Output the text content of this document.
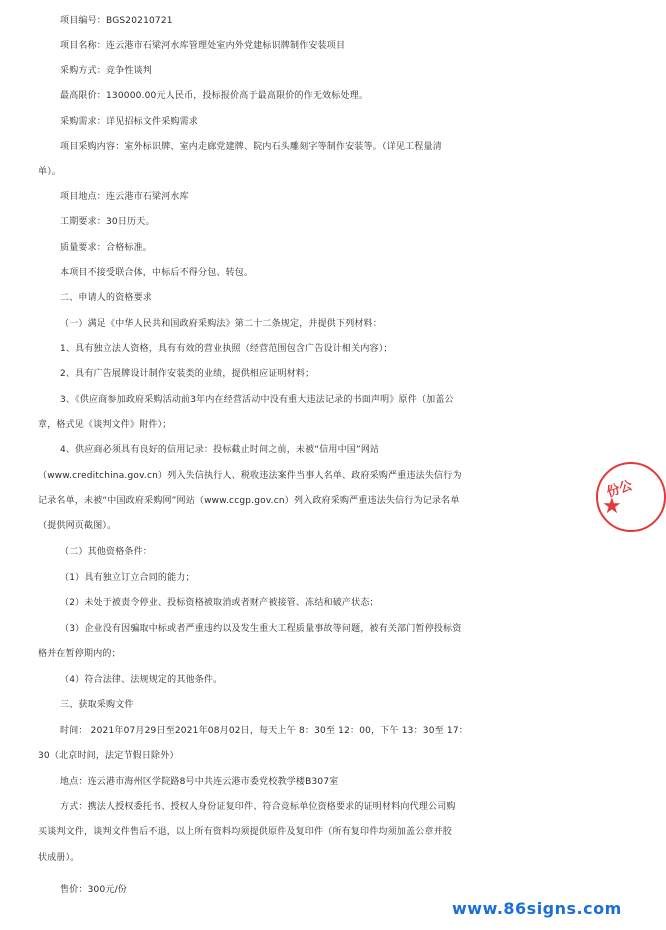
项目编号：BGS20210721
项目名称：连云港市石梁河水库管理处室内外党建标识牌制作安装项目
采购方式：竞争性谈判
最高限价：130000.00元人民币，投标报价高于最高限价的作无效标处理。
采购需求：详见招标文件采购需求
项目采购内容：室外标识牌、室内走廊党建牌、院内石头雕刻字等制作安装等。（详见工程量清
单）。
项目地点：连云港市石梁河水库
工期要求：30日历天。
质量要求：合格标准。
本项目不接受联合体，中标后不得分包、转包。
二、申请人的资格要求
（一）满足《中华人民共和国政府采购法》第二十二条规定，并提供下列材料：
1、具有独立法人资格，具有有效的营业执照（经营范围包含广告设计相关内容）；
2、具有广告展牌设计制作安装类的业绩，提供相应证明材料；
3、《供应商参加政府采购活动前3年内在经营活动中没有重大违法记录的书面声明》原件（加盖公
章，格式见《谈判文件》附件）；
4、供应商必须具有良好的信用记录：投标截止时间之前，未被“信用中国”网站
（www.creditchina.gov.cn）列入失信执行人、税收违法案件当事人名单、政府采购严重违法失信行为
记录名单，未被“中国政府采购网”网站（www.ccgp.gov.cn）列入政府采购严重违法失信行为记录名单
（提供网页截图）。
（二）其他资格条件：
（1）具有独立订立合同的能力；
（2）未处于被责令停业、投标资格被取消或者财产被接管、冻结和破产状态；
（3）企业没有因骗取中标或者严重违约以及发生重大工程质量事故等问题，被有关部门暂停投标资
格并在暂停期内的；
（4）符合法律、法规规定的其他条件。
三、获取采购文件
时间： 2021年07月29日至2021年08月02日，每天上午 8：30至 12：00，下午 13：30至 17：
30（北京时间，法定节假日除外）
地点：连云港市海州区学院路8号中共连云港市委党校教学楼B307室
方式：携法人授权委托书、授权人身份证复印件、符合竞标单位资格要求的证明材料向代理公司购
买谈判文件，谈判文件售后不退，以上所有资料均须提供原件及复印件（所有复印件均须加盖公章并胶
状成册）。
售价：300元/份
份公
★
www.86signs.com
